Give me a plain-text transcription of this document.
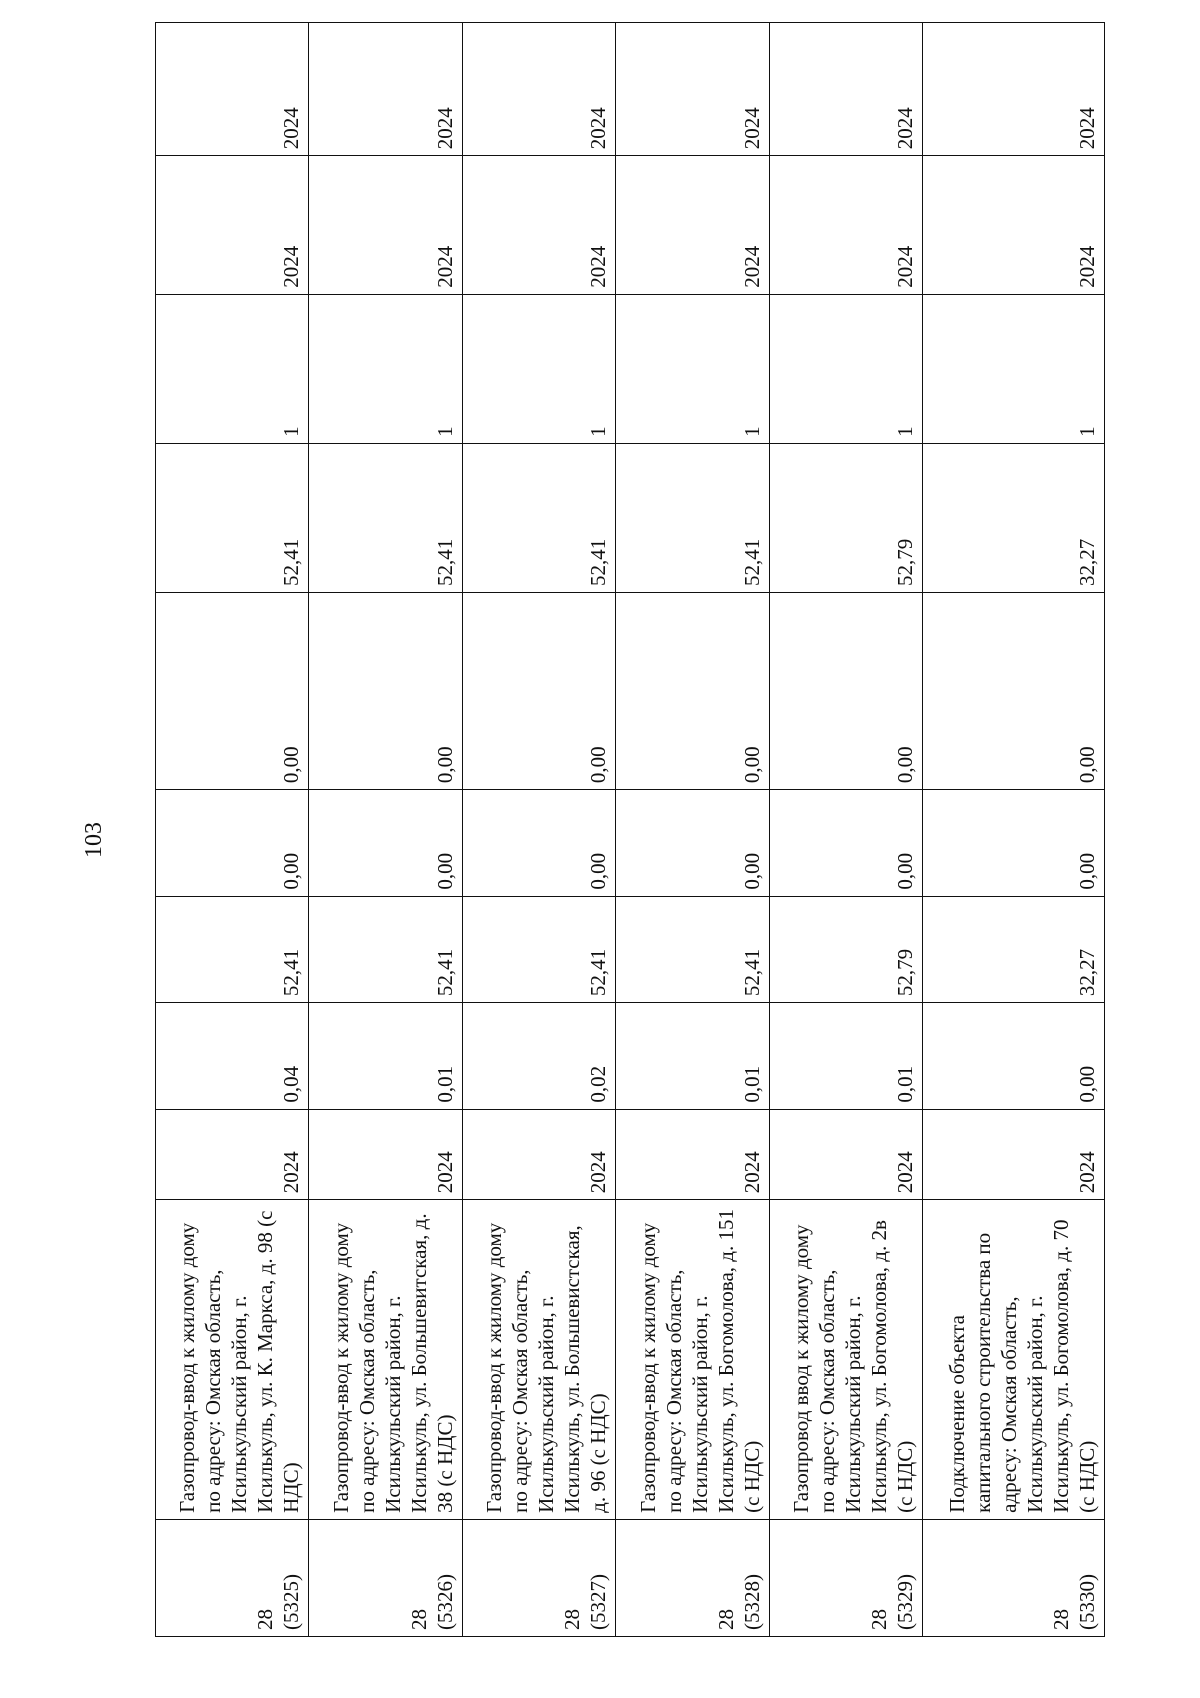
103
28
(5325)	Газопровод-ввод к жилому дому по адресу: Омская область, Исилькульский район, г. Исилькуль, ул. К. Маркса, д. 98 (с НДС)	2024	0,04	52,41	0,00	0,00	52,41	1	2024	2024
28
(5326)	Газопровод-ввод к жилому дому по адресу: Омская область, Исилькульский район, г. Исилькуль, ул. Большевитская, д. 38 (с НДС)	2024	0,01	52,41	0,00	0,00	52,41	1	2024	2024
28
(5327)	Газопровод-ввод к жилому дому по адресу: Омская область, Исилькульский район, г. Исилькуль, ул. Большевистская, д. 96 (с НДС)	2024	0,02	52,41	0,00	0,00	52,41	1	2024	2024
28
(5328)	Газопровод-ввод к жилому дому по адресу: Омская область, Исилькульский район, г. Исилькуль, ул. Богомолова, д. 151 (с НДС)	2024	0,01	52,41	0,00	0,00	52,41	1	2024	2024
28
(5329)	Газопровод ввод к жилому дому по адресу: Омская область, Исилькульский район, г. Исилькуль, ул. Богомолова, д. 2в (с НДС)	2024	0,01	52,79	0,00	0,00	52,79	1	2024	2024
28
(5330)	Подключение объекта капитального строительства по адресу: Омская область, Исилькульский район, г. Исилькуль, ул. Богомолова, д. 70 (с НДС)	2024	0,00	32,27	0,00	0,00	32,27	1	2024	2024
